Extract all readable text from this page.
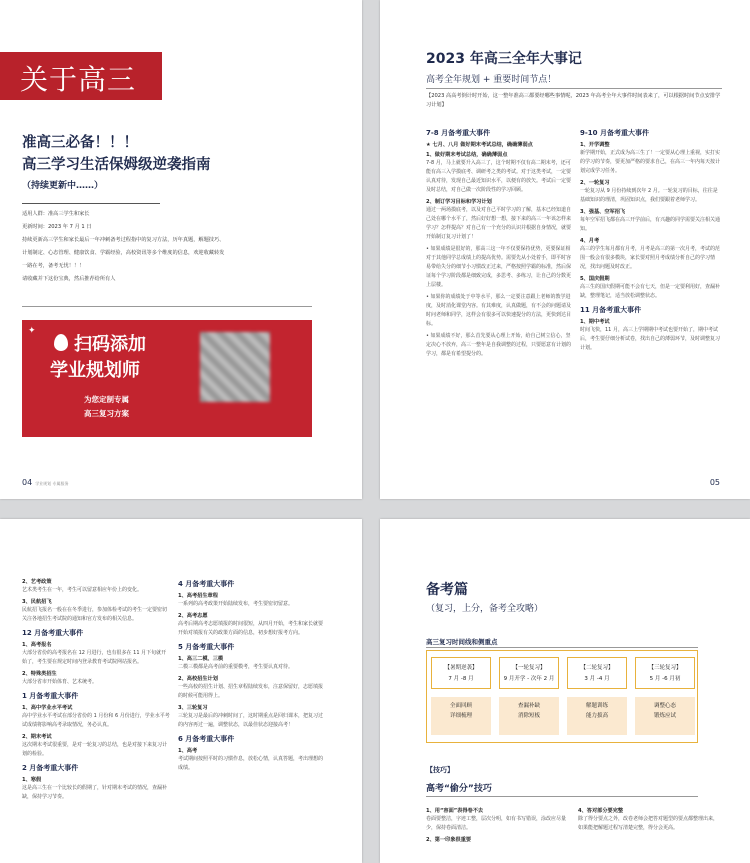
关于高三
准高三必备！！！
高三学习生活保姆级逆袭指南
（持续更新中……）
适用人群：准高三学生和家长
更新时间：2023 年 7 月 1 日
持续更新高三学生和家长最后一年冲刺备考过程指中的复习方法，历年真题，解题技巧、
计划制定、心态管理、健康饮食、学霸经验，高校资讯等多个维度的信息，欢迎收藏转发
一路在考，备考无忧！！！
请收藏并下这份宝典，然后推荐给所有人
✦
扫码添加
学业规划师
为您定制专属
高三复习方案
04 学业规划 专属服务
2023 年高三全年大事记
高考全年规划 + 重要时间节点！
【2023 高高考倒计时开始，这一整年准高三都要经哪些事情呢，2023 年高考全年大事件时间表来了，可以根据时间节点安排学习计划】
7-8 月备考重大事件
★ 七月、八月 做好期末考试总结，确确薄弱点
1、做好期末考试总结，确确薄弱点
7-8 月，马上就要升入高三了，这个时期不仅有高二期末考，还可能有高三入学摸底考、调研考之类的考试。对于这类考试，一定要认真对待，发现自己最近知识水平，以便有的放矢。考试后一定要及时总结，对自己做一次阶段性的学习回顾。
2、制订学习目标和学习计划
通过一两场摸底考，以及对自己平时学习的了解，基本已经知道自己处在哪个水平了，然后好好想一想，接下来的高三一年该怎样来学习？怎样提高？对自己有一个充分的认识并根据自身情况，就要开始制订复习计划了！
• 如果成绩是很好的，那高三这一年不仅要保持优势，更要保证相对于其他同学总成绩上的提高优势。需要先从小处着手，即平时容易带给失分的细节小习惯改正过来，严格按照学霸的标准，然后保证每个学习阶段都是细致完成，多思考、多练习，让自己的分数更上层楼。
• 如果你的成绩处于中等水平，那么一定要注意跟上老师的教学进度，及时消化课堂内容。有其难度，认真做题，有不会的问题请及时问老师和同学，这样会有很多可以快速提分的方法，更快到达目标。
• 如果成绩不好，那么首先要从心理上开始，给自己树立信心，坚定决心不放弃，高三一整年是自我调整的过程，只要愿意有计划的学习，都是有希望提分的。
9-10 月备考重大事件
1、开学调整
新学期开始，正式成为高三生了！一定要从心理上重视，实打实的学习的节奏，要更加严格的要求自己，在高三一年内每天按计划完成学习任务。
2、一轮复习
一轮复习从 9 月份持续到次年 2 月。一轮复习的目标，往往是基础知识的理清，巩固知识点，我们要跟着老师学习。
3、强基、空军招飞
每年空军招飞都在高三开学前后，有兴趣的同学需要关注相关通知。
4、月考
高三的学生每月都有月考，月考是高三的第一次月考，考试的范围一般会有很多模块，家长要对照月考成绩分析自己的学习情况，找出问题及时改正。
5、国庆假期
高三生的国庆假期可能不会有七天，但是一定要利用好，查漏补缺，整理笔记，适当放松调整状态。
11 月备考重大事件
1、期中考试
时间飞快，11 月，高三上学期期中考试也要开始了，期中考试后，考生要仔细分析试卷，找出自己的薄弱环节，及时调整复习计划。
05
2、艺考政策
艺术类考生在一年，考生可以留意相应年份上的变化。
3、民航招飞
民航招飞报名一般在在冬季进行，参加体检考试的考生一定要密切关注各地招生考试院的通知和官方发布的相关信息。
12 月备考重大事件
1、高考报名
大部分省份的高考报名在 12 月进行，也有很多在 11 月下旬就开始了，考生要在规定时间内登录教育考试院网站报名。
2、特殊类招生
大部分省市开始体育、艺术统考。
1 月备考重大事件
1、高中学业水平考试
高中学业水平考试在部分省份的 1 月份和 6 月份进行，学业水平考试成绩将影响高考录取情况，务必认真。
2、期末考试
这次期末考试很重要，是对一轮复习的总结，也是对接下来复习计划的检验。
2 月备考重大事件
1、寒假
这是高三生在一个比较长的假期了，针对期末考试的情况，查漏补缺，保持学习节奏。
4 月备考重大事件
1、高考招生章程
一系列的高考政策开始陆续发布，考生要密切留意。
2、高考志愿
高考后期高考志愿填报的时间很短，从四月开始，考生和家长就要开始对填报有关的政策方面的信息，初步想好报考方向。
5 月备考重大事件
1、高三二模、三模
二模三模都是高考前的重要模考，考生要认真对待。
2、高校招生计划
一些高校的招生计划、招生章程陆续发布，注意保留好，志愿填报的时候可能用得上。
3、三轮复习
三轮复习是最后的冲刺时间了，这时期重点是回归课本，把复习过的内容再过一遍，调整状态，以最佳状态迎接高考！
6 月备考重大事件
1、高考
考试期间按照平时的习惯作息，放松心情，认真答题，考出理想的成绩。
备考篇
（复习，上分，备考全攻略）
高三复习时间线和侧重点
【暑期逆袭】
7 月 -8 月
全面回顾
详细梳理
【一轮复习】
9 月开学 - 次年 2 月
查漏补缺
消除短板
【二轮复习】
3 月 -4 月
解题训练
能力拔高
【三轮复习】
5 月 -6 月初
调整心态
锻炼应试
【技巧】
高考“偷分”技巧
1、用“容面”表得卷不去
卷面要整洁，字迹工整，层次分明，如有书写错误，涂改应尽量少，保持卷面清洁。
2、第一印象很重要
4、答对部分要完整
除了得分要点之外，改卷老师会把答对题型的要点都整理出来，如果能把解题过程写清楚完整，得分会更高。
